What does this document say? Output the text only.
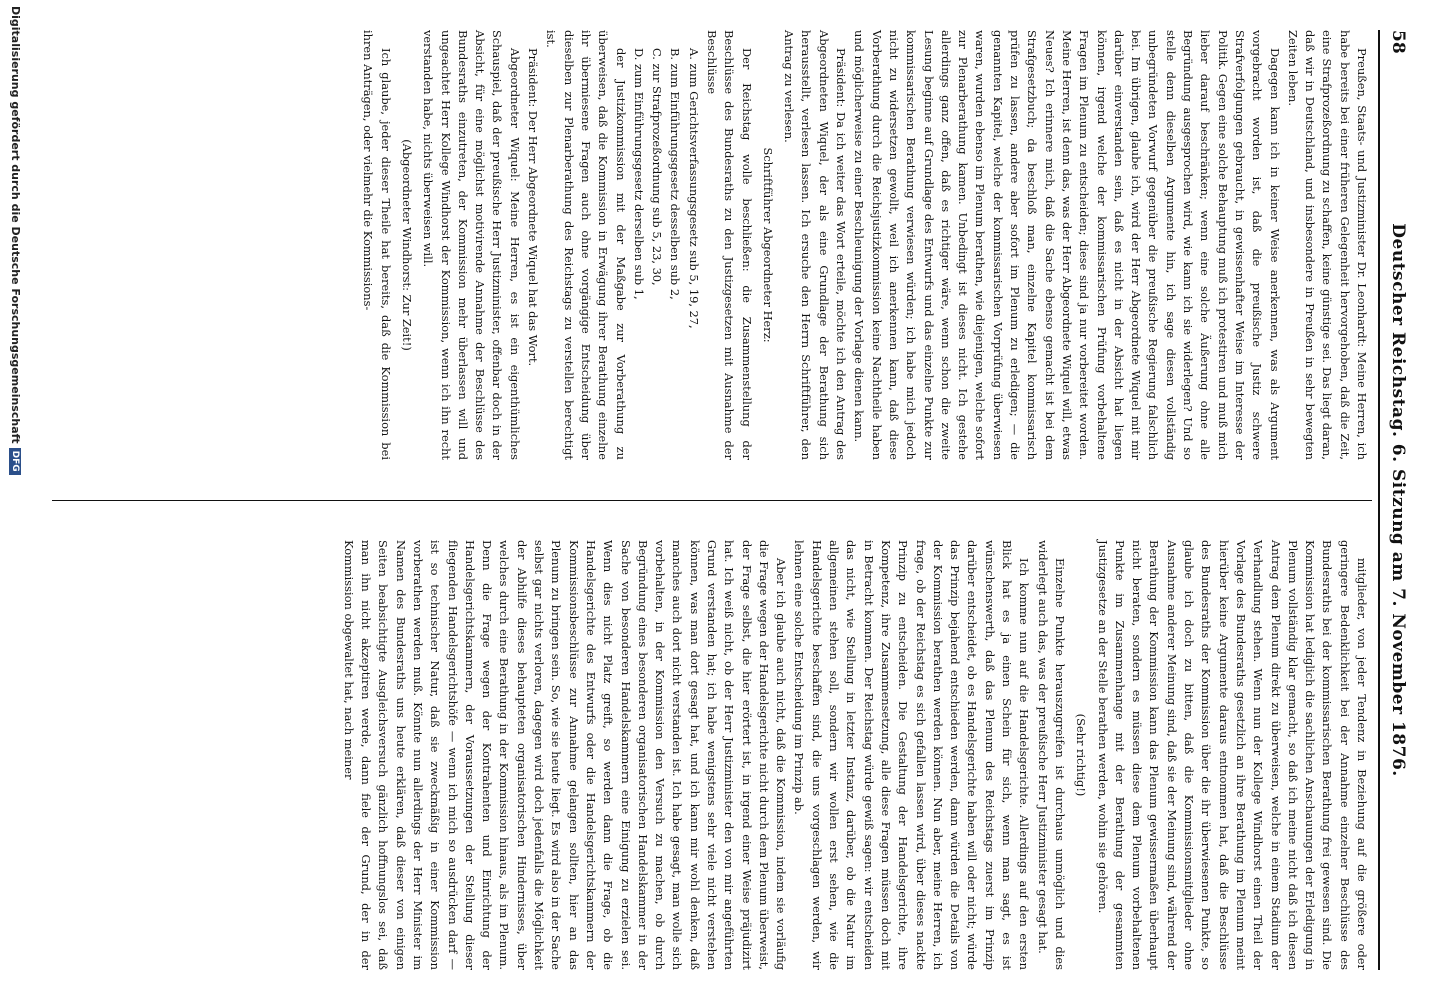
58
Deutscher Reichstag. 6. Sitzung am 7. November 1876.

Preußen, Staats- und Justizminister Dr. Leonhardt: Meine Herren, ich habe bereits bei einer früheren Gelegenheit hervorgehoben, daß die Zeit, eine Strafprozeßordnung zu schaffen, keine günstige sei. Das liegt daran, daß wir in Deutschland, und insbesondere in Preußen in sehr bewegten Zeiten leben.

Dagegen kann ich in keiner Weise anerkennen, was als Argument vorgebracht worden ist, daß die preußische Justiz schwere Strafverfolgungen gebraucht, in gewissenhafter Weise im Interesse der Politik. Gegen eine solche Behauptung muß ich protestiren und muß mich lieber darauf beschränken; wenn eine solche Äußerung ohne alle Begründung ausgesprochen wird, wie kann ich sie widerlegen? Und so stelle denn dieselben Argumente hin, ich sage diesen vollständig unbegründeten Vorwurf gegenüber die preußische Regierung falschlich bei. Im übrigen, glaube ich, wird der Herr Abgeordnete Wiquel mit mir darüber einverstanden sein, daß es nicht in der Absicht hat liegen können, irgend welche der kommissarischen Prüfung vorbehaltene Fragen im Plenum zu entscheiden; diese sind ja nur vorbereitet worden. Meine Herren, ist denn das, was der Herr Abgeordnete Wiquel will, etwas Neues? Ich erinnere mich, daß die Sache ebenso gemacht ist bei dem Strafgesetzbuch; da beschloß man, einzelne Kapitel kommissarisch prüfen zu lassen, andere aber sofort im Plenum zu erledigen; — die genannten Kapitel, welche der kommissarischen Vorprüfung überwiesen waren, wurden ebenso im Plenum berathen, wie diejenigen, welche sofort zur Plenarberathung kamen. Unbedingt ist dieses nicht. Ich gestehe allerdings ganz offen, daß es richtiger wäre, wenn schon die zweite Lesung beginne auf Grundlage des Entwurfs und das einzelne Punkte zur kommissarischen Berathung verwiesen würden; ich habe mich jedoch nicht zu widersetzen gewollt, weil ich anerkennen kann, daß diese Vorberathung durch die Reichsjustizkommission keine Nachtheile haben und möglicherweise zu einer Beschleunigung der Vorlage dienen kann.

Präsident: Da ich weiter das Wort erteile, möchte ich den Antrag des Abgeordneten Wiquel, der als eine Grundlage der Berathung sich herausstellt, verlesen lassen. Ich ersuche den Herrn Schriftführer, den Antrag zu verlesen.

Schriftführer Abgeordneter Herz:

Der Reichstag wolle beschließen: die Zusammenstellung der Beschlüsse des Bundesraths zu den Justizgesetzen mit Ausnahme der Beschlüsse

A. zum Gerichtsverfassungsgesetz sub 5, 19, 27,

B. zum Einführungsgesetz desselben sub 2,

C. zur Strafprozeßordnung sub 5, 23, 30,

D. zum Einführungsgesetz derselben sub 1,

der Justizkommission mit der Maßgabe zur Vorberathung zu überweisen, daß die Kommission in Erwägung ihrer Berathung einzelne ihr übermiesene Fragen auch ohne vorgängige Entscheidung über dieselben zur Plenarberathung des Reichstags zu verstellen berechtigt ist.

Präsident: Der Herr Abgeordnete Wiquel hat das Wort.

Abgeordneter Wiquel: Meine Herren, es ist ein eigenthümliches Schauspiel, daß der preußische Herr Justizminister, offenbar doch in der Absicht, für eine möglichst motivirende Annahme der Beschlüsse des Bundesraths einzutreten, der Kommission mehr überlassen will und ungeachtet Herr Kollege Windhorst der Kommission, wenn ich ihn recht verstanden habe, nichts überweisen will.

(Abgeordneter Windhorst: Zur Zeit!)

Ich glaube, jeder dieser Theile hat bereits, daß die Kommission bei ihren Anträgen, oder vielmehr die Kommissions-

mitglieder, von jeder Tendenz in Beziehung auf die größere oder geringere Bedenklichkeit bei der Annahme einzelner Beschlüsse des Bundesraths bei der kommissarischen Berathung frei gewesen sind. Die Kommission hat lediglich die sachlichen Anschauungen der Erledigung in Plenum vollständig klar gemacht, so daß ich meine nicht daß ich diesen Antrag dem Plenum direkt zu überweisen, welche in einem Stadium der Verhandlung stehen. Wenn nun der Kollege Windhorst einen Theil der Vorlage des Bundesraths gesetzlich an ihre Berathung im Plenum meint hierüber keine Argumente daraus entnommen hat, daß die Beschlüsse des Bundesraths der Kommission über die ihr überwiesenen Punkte, so glaube ich doch zu bitten, daß die Kommissionsmitglieder ohne Ausnahme anderer Meinung sind, daß sie der Meinung sind, während der Berathung der Kommission kann das Plenum gewissermaßen überhaupt nicht beraten, sondern es müssen diese dem Plenum vorbehaltenen Punkte im Zusammenhange mit der Berathung der gesammten Justizgesetze an der Stelle berathen werden, wohin sie gehören.

(Sehr richtig!)

Einzelne Punkte herauszugreifen ist durchaus unmöglich und dies widerlegt auch das, was der preußische Herr Justizminister gesagt hat.

Ich komme nun auf die Handelsgerichte. Allerdings auf den ersten Blick hat es ja einen Schein für sich, wenn man sagt, es ist wünschenswerth, daß das Plenum des Reichstags zuerst im Prinzip darüber entscheidet, ob es Handelsgerichte haben will oder nicht; würde das Prinzip bejahend entschieden werden, dann würden die Details von der Kommission berathen werden können. Nun aber, meine Herren, ich frage, ob der Reichstag es sich gefallen lassen wird, über dieses nackte Prinzip zu entscheiden. Die Gestaltung der Handelsgerichte, ihre Kompetenz, ihre Zusammensetzung, alle diese Fragen müssen doch mit in Betracht kommen. Der Reichstag würde gewiß sagen: wir entscheiden das nicht, wie Stellung in letzter Instanz, darüber, ob die Natur im allgemeinen stehen soll, sondern wir wollen erst sehen, wie die Handelsgerichte beschaffen sind, die uns vorgeschlagen werden, wir lehnen eine solche Entscheidung im Prinzip ab.

Aber ich glaube auch nicht, daß die Kommission, indem sie vorläufig die Frage wegen der Handelsgerichte nicht durch dem Plenum überweist, der Frage selbst, die hier erörtert ist, in irgend einer Weise präjudizirt hat. Ich weiß nicht, ob der Herr Justizminister den von mir angeführten Grund verstanden hat; ich habe wenigstens sehr viele nicht verstehen können, was man dort gesagt hat, und ich kann mir wohl denken, daß manches auch dort nicht verstanden ist. Ich habe gesagt, man wolle sich vorbehalten, in der Kommission den Versuch zu machen, ob durch Begründung eines besonderen organisatorischen Handelskammer in der Sache von besonderen Handelskammern eine Einigung zu erzielen sei. Wenn dies nicht Platz greift, so werden dann die Frage, ob die Handelsgerichte des Entwurfs oder die Handelsgerichtskammern der Kommissionsbeschlüsse zur Annahme gelangen sollten, hier an das Plenum zu bringen sein. So, wie sie heute liegt. Es wird also in der Sache selbst gar nichts verloren, dagegen wird doch jedenfalls die Möglichkeit der Abhilfe dieses behaupteten organisatorischen Hindernisses, über welches durch eine Berathung in der Kommission hinaus, als im Plenum. Denn die Frage wegen der Kontrahenten und Einrichtung der Handelsgerichtskammern, der Voraussetzungen der Stellung dieser fliegenden Handelsgerichtshöfe — wenn ich mich so ausdrücken darf — ist so technischer Natur, daß sie zweckmäßig in einer Kommission vorberathen werden muß. Könnte nun allerdings der Herr Minister im Namen des Bundesraths uns heute erklären, daß dieser von einigen Seiten beabsichtigte Ausgleichsversuch gänzlich hoffnungslos sei, daß man ihn nicht akzeptiren werde, dann fiele der Grund, der in der Kommission obgewaltet hat, nach meiner

Digitalisierung gefördert durch die Deutsche ForschungsgemeinschaftDFG
